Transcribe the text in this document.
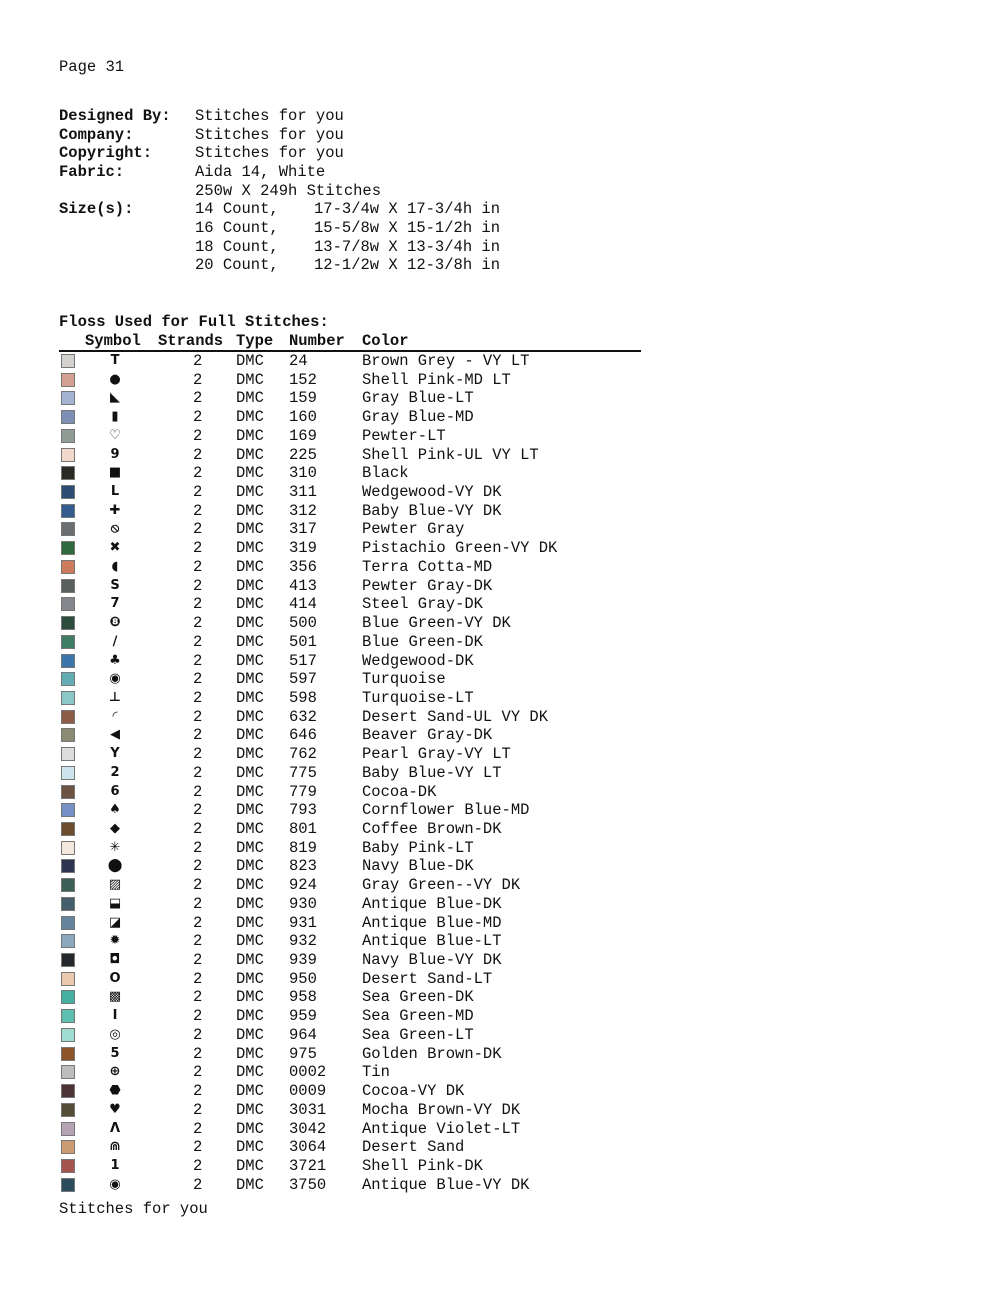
Page 31
Designed By: Stitches for you
Company:	Stitches for you
Copyright:	Stitches for you
Fabric:	Aida 14, White
250w X 249h Stitches
Size(s):	14 Count, 17-3/4w X 17-3/4h in
16 Count, 15-5/8w X 15-1/2h in
18 Count, 13-7/8w X 13-3/4h in
20 Count, 12-1/2w X 12-3/8h in
Floss Used for Full Stitches:
Symbol Strands Type Number Color
T	2 DMC 24	Brown Grey - VY LT
●	2 DMC 152	Shell Pink-MD LT
◣	2 DMC 159	Gray Blue-LT
▮	2 DMC 160	Gray Blue-MD
♡	2 DMC 169	Pewter-LT
9	2 DMC 225	Shell Pink-UL VY LT
■	2 DMC 310	Black
L	2 DMC 311	Wedgewood-VY DK
✚	2 DMC 312	Baby Blue-VY DK
⦸	2 DMC 317	Pewter Gray
✖	2 DMC 319	Pistachio Green-VY DK
◖	2 DMC 356	Terra Cotta-MD
S	2 DMC 413	Pewter Gray-DK
7	2 DMC 414	Steel Gray-DK
❽	2 DMC 500	Blue Green-VY DK
∕	2 DMC 501	Blue Green-DK
♣	2 DMC 517	Wedgewood-DK
◉	2 DMC 597	Turquoise
⊥	2 DMC 598	Turquoise-LT
◜	2 DMC 632	Desert Sand-UL VY DK
◀	2 DMC 646	Beaver Gray-DK
Y	2 DMC 762	Pearl Gray-VY LT
2	2 DMC 775	Baby Blue-VY LT
6	2 DMC 779	Cocoa-DK
♠	2 DMC 793	Cornflower Blue-MD
◆	2 DMC 801	Coffee Brown-DK
✳	2 DMC 819	Baby Pink-LT
⬤	2 DMC 823	Navy Blue-DK
▨	2 DMC 924	Gray Green--VY DK
⬓	2 DMC 930	Antique Blue-DK
◪	2 DMC 931	Antique Blue-MD
✹	2 DMC 932	Antique Blue-LT
◘	2 DMC 939	Navy Blue-VY DK
O	2 DMC 950	Desert Sand-LT
▩	2 DMC 958	Sea Green-DK
I	2 DMC 959	Sea Green-MD
◎	2 DMC 964	Sea Green-LT
5	2 DMC 975	Golden Brown-DK
⊕	2 DMC 0002 Tin
⬣	2 DMC 0009 Cocoa-VY DK
♥	2 DMC 3031 Mocha Brown-VY DK
Ʌ	2 DMC 3042 Antique Violet-LT
⋒	2 DMC 3064 Desert Sand
1	2 DMC 3721 Shell Pink-DK
◉	2 DMC 3750 Antique Blue-VY DK
Stitches for you
